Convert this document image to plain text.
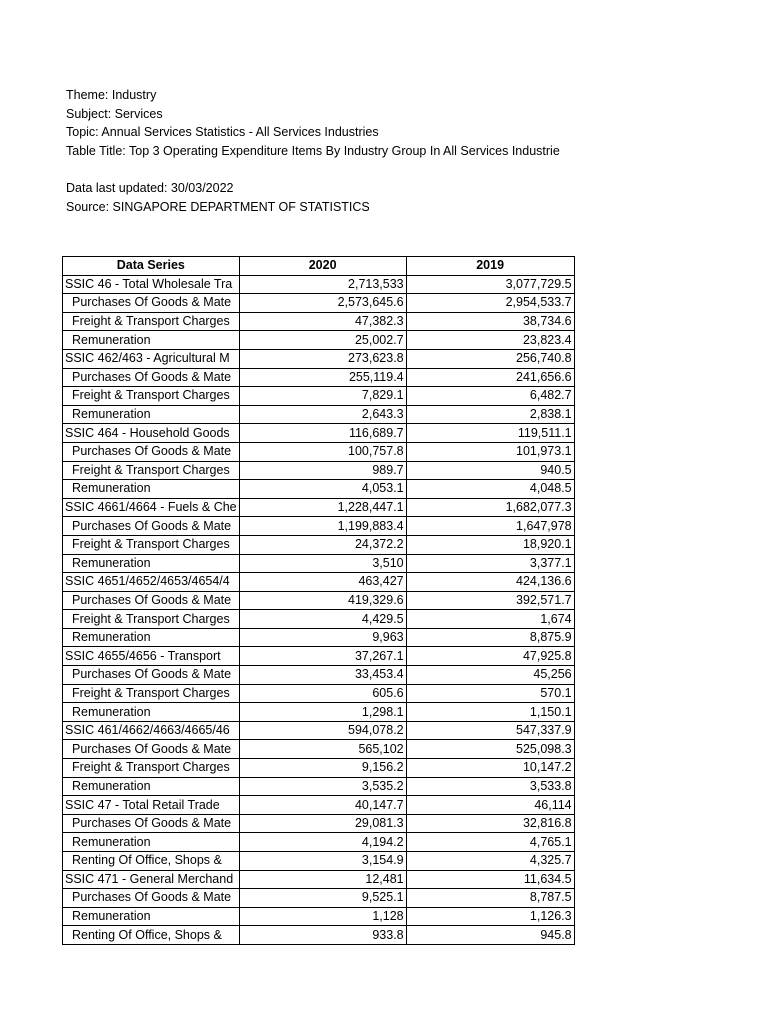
Theme: Industry
Subject: Services
Topic: Annual Services Statistics - All Services Industries
Table Title: Top 3 Operating Expenditure Items By Industry Group In All Services Industrie
Data last updated: 30/03/2022
Source: SINGAPORE DEPARTMENT OF STATISTICS
Data Series	2020	2019
SSIC 46 - Total Wholesale Tra	2,713,533	3,077,729.5
Purchases Of Goods & Mate	2,573,645.6	2,954,533.7
Freight & Transport Charges	47,382.3	38,734.6
Remuneration	25,002.7	23,823.4
SSIC 462/463 - Agricultural M	273,623.8	256,740.8
Purchases Of Goods & Mate	255,119.4	241,656.6
Freight & Transport Charges	7,829.1	6,482.7
Remuneration	2,643.3	2,838.1
SSIC 464 - Household Goods	116,689.7	119,511.1
Purchases Of Goods & Mate	100,757.8	101,973.1
Freight & Transport Charges	989.7	940.5
Remuneration	4,053.1	4,048.5
SSIC 4661/4664 - Fuels & Che	1,228,447.1	1,682,077.3
Purchases Of Goods & Mate	1,199,883.4	1,647,978
Freight & Transport Charges	24,372.2	18,920.1
Remuneration	3,510	3,377.1
SSIC 4651/4652/4653/4654/4	463,427	424,136.6
Purchases Of Goods & Mate	419,329.6	392,571.7
Freight & Transport Charges	4,429.5	1,674
Remuneration	9,963	8,875.9
SSIC 4655/4656 - Transport	37,267.1	47,925.8
Purchases Of Goods & Mate	33,453.4	45,256
Freight & Transport Charges	605.6	570.1
Remuneration	1,298.1	1,150.1
SSIC 461/4662/4663/4665/46	594,078.2	547,337.9
Purchases Of Goods & Mate	565,102	525,098.3
Freight & Transport Charges	9,156.2	10,147.2
Remuneration	3,535.2	3,533.8
SSIC 47 - Total Retail Trade	40,147.7	46,114
Purchases Of Goods & Mate	29,081.3	32,816.8
Remuneration	4,194.2	4,765.1
Renting Of Office, Shops &	3,154.9	4,325.7
SSIC 471 - General Merchand	12,481	11,634.5
Purchases Of Goods & Mate	9,525.1	8,787.5
Remuneration	1,128	1,126.3
Renting Of Office, Shops &	933.8	945.8
